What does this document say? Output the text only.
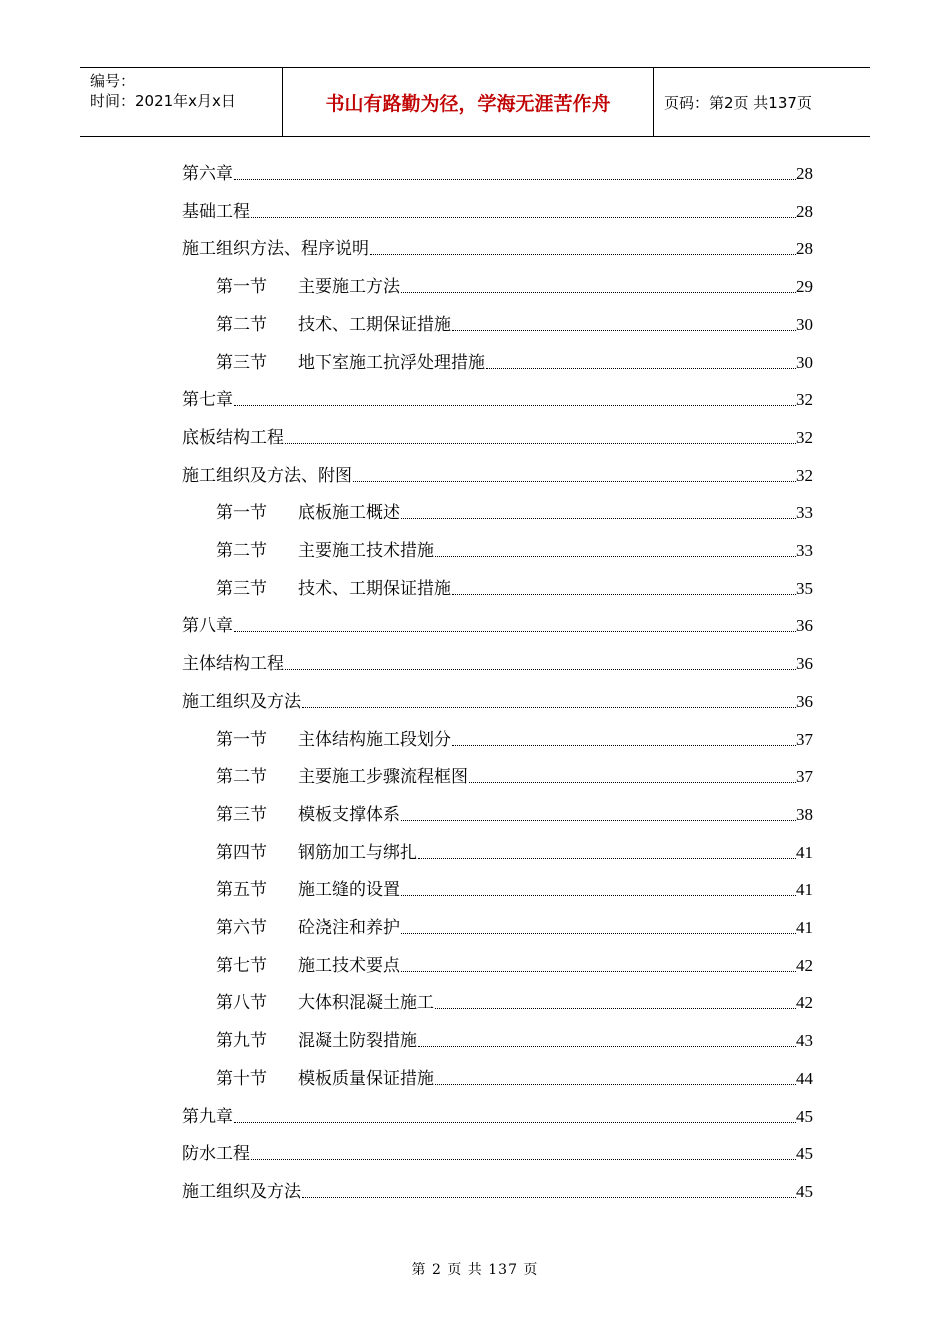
编号：
时间：2021年x月x日	书山有路勤为径，学海无涯苦作舟	页码：第2页 共137页
第六章	28
基础工程	28
施工组织方法、程序说明	28
第一节 主要施工方法	29
第二节 技术、工期保证措施	30
第三节 地下室施工抗浮处理措施	30
第七章	32
底板结构工程	32
施工组织及方法、附图	32
第一节 底板施工概述	33
第二节 主要施工技术措施	33
第三节 技术、工期保证措施	35
第八章	36
主体结构工程	36
施工组织及方法	36
第一节 主体结构施工段划分	37
第二节 主要施工步骤流程框图	37
第三节 模板支撑体系	38
第四节 钢筋加工与绑扎	41
第五节 施工缝的设置	41
第六节 砼浇注和养护	41
第七节 施工技术要点	42
第八节 大体积混凝土施工	42
第九节 混凝土防裂措施	43
第十节 模板质量保证措施	44
第九章	45
防水工程	45
施工组织及方法	45
第 2 页 共 137 页
